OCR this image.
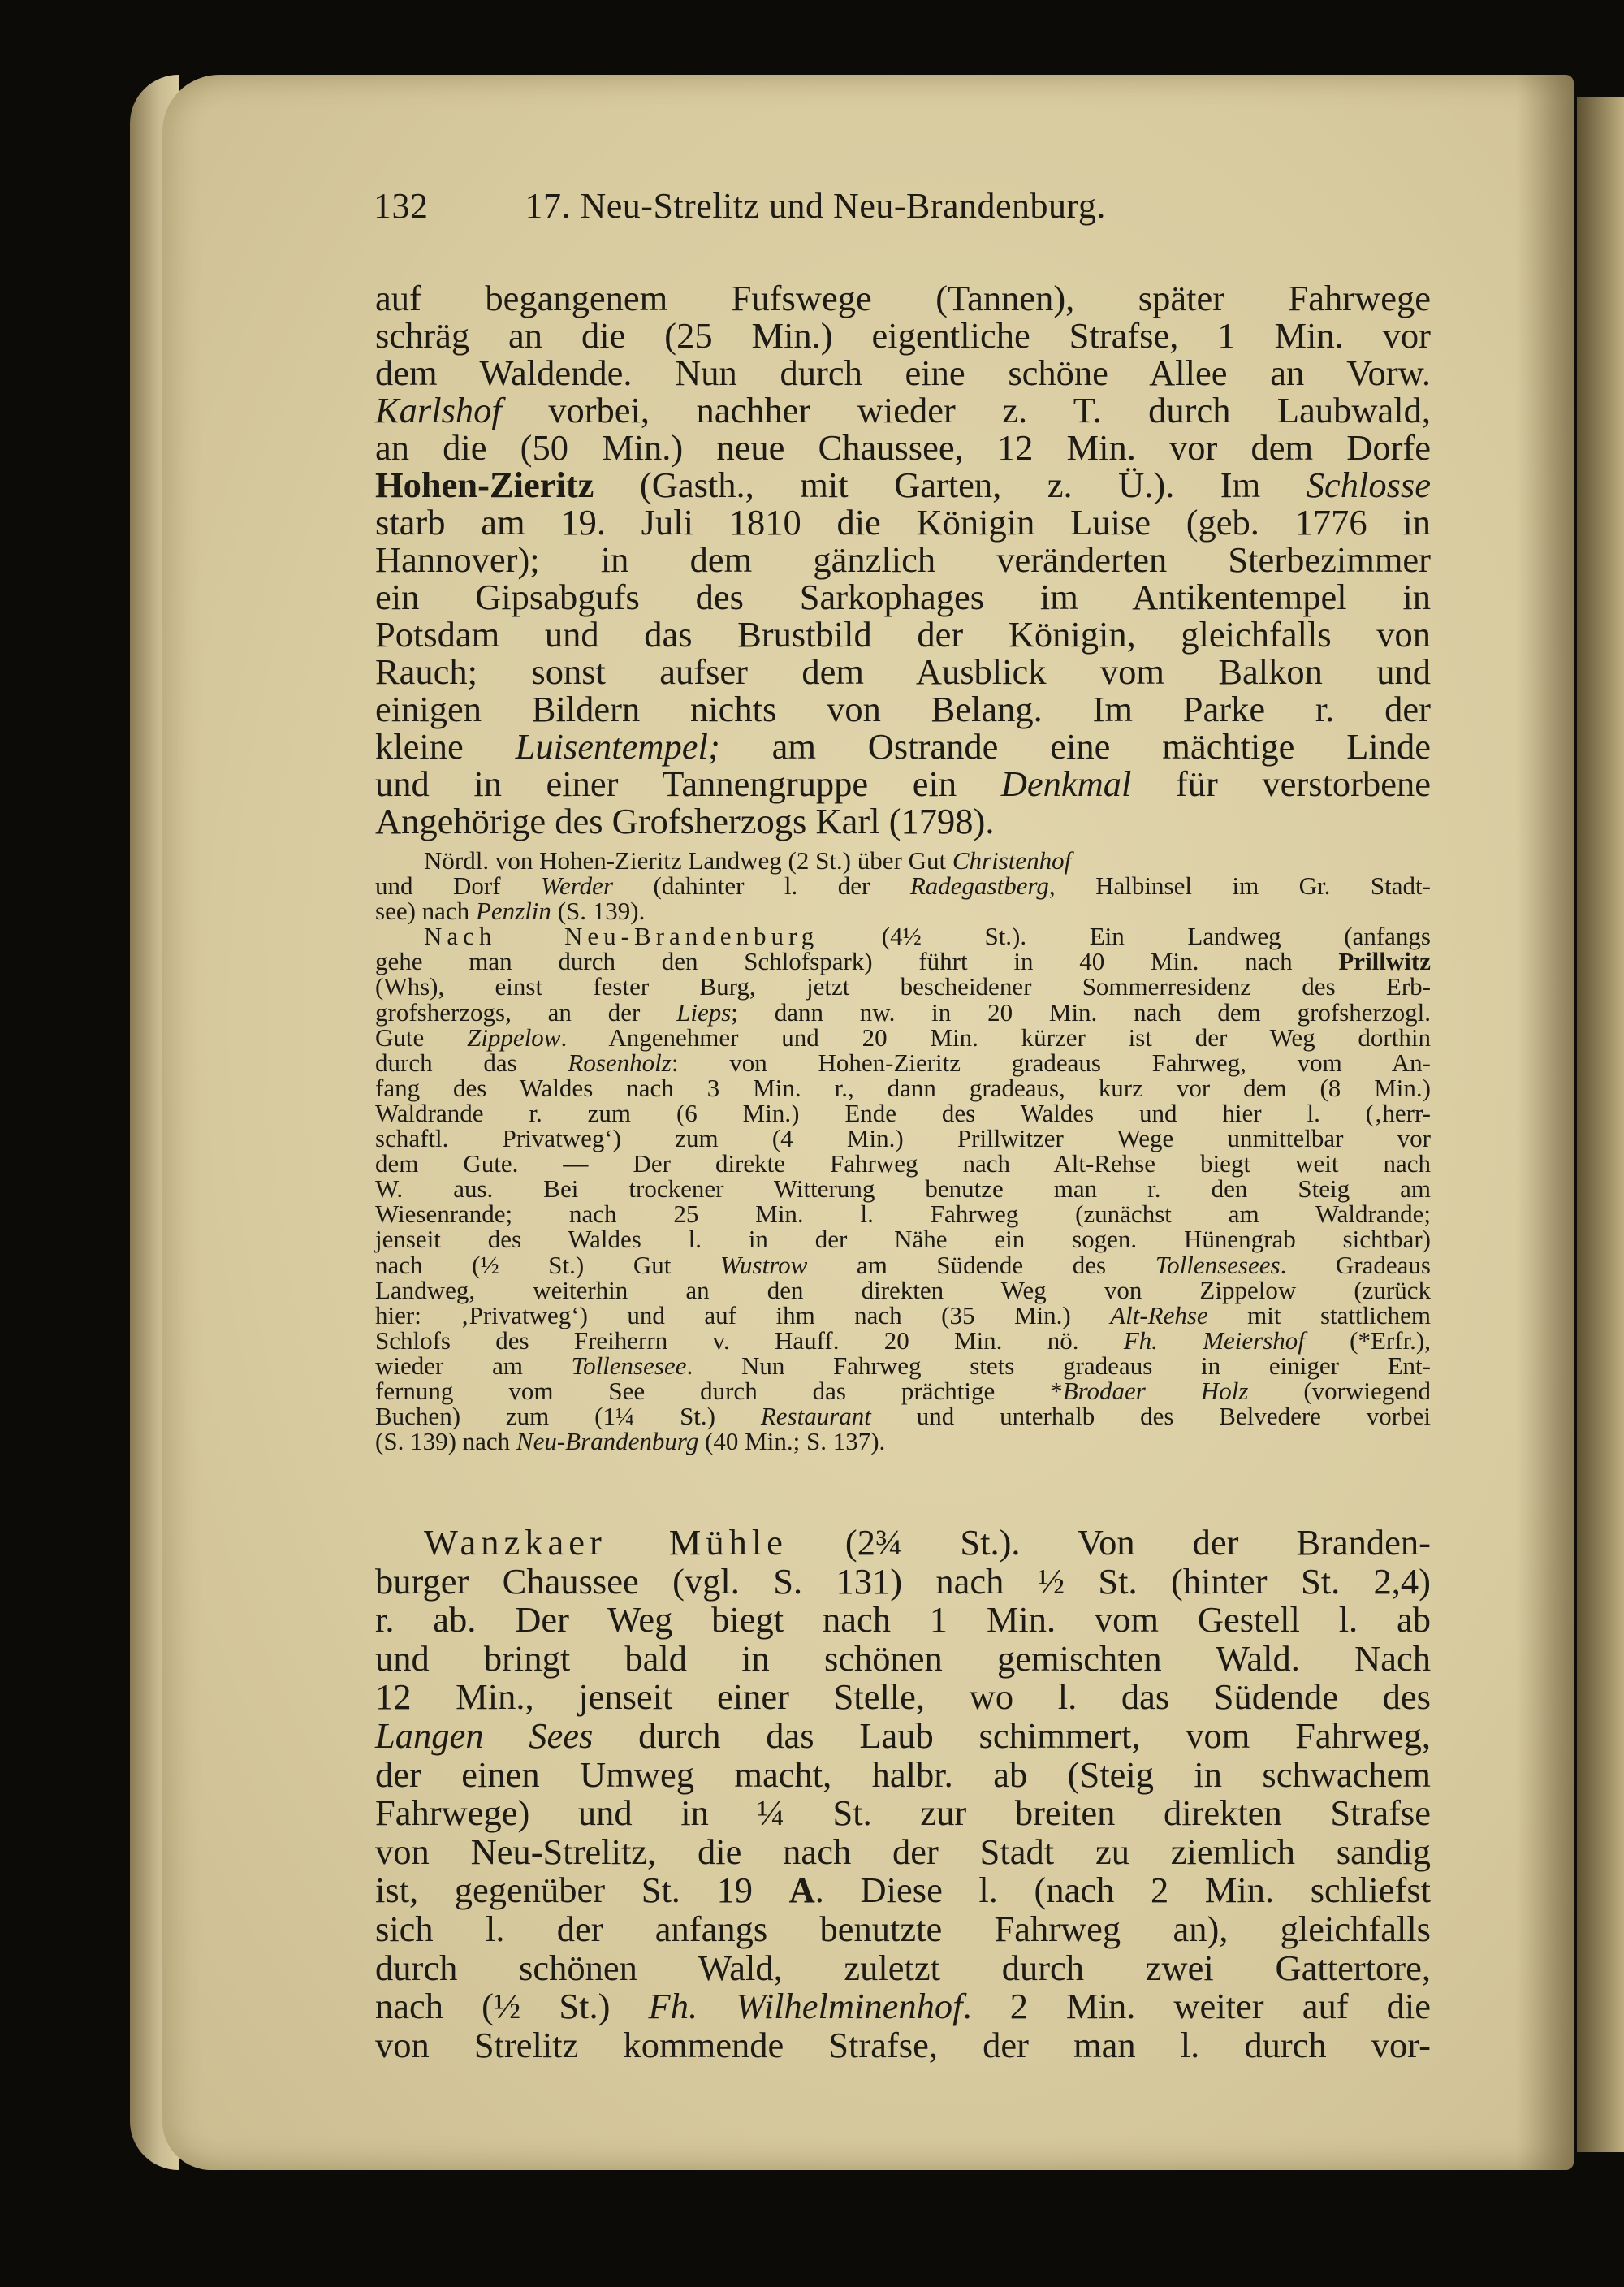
132	17. Neu-Strelitz und Neu-Brandenburg.
auf begangenem Fufswege (Tannen), später Fahrwege
schräg an die (25 Min.) eigentliche Strafse, 1 Min. vor
dem Waldende. Nun durch eine schöne Allee an Vorw.
Karlshof vorbei, nachher wieder z. T. durch Laubwald,
an die (50 Min.) neue Chaussee, 12 Min. vor dem Dorfe
Hohen-Zieritz (Gasth., mit Garten, z. Ü.). Im Schlosse
starb am 19. Juli 1810 die Königin Luise (geb. 1776 in
Hannover); in dem gänzlich veränderten Sterbezimmer
ein Gipsabgufs des Sarkophages im Antikentempel in
Potsdam und das Brustbild der Königin, gleichfalls von
Rauch; sonst aufser dem Ausblick vom Balkon und
einigen Bildern nichts von Belang. Im Parke r. der
kleine Luisentempel; am Ostrande eine mächtige Linde
und in einer Tannengruppe ein Denkmal für verstorbene
Angehörige des Grofsherzogs Karl (1798).
Nördl. von Hohen-Zieritz Landweg (2 St.) über Gut Christenhof
und Dorf Werder (dahinter l. der Radegastberg, Halbinsel im Gr. Stadt-
see) nach Penzlin (S. 139).
Nach Neu-Brandenburg (4½ St.). Ein Landweg (anfangs
gehe man durch den Schlofspark) führt in 40 Min. nach Prillwitz
(Whs), einst fester Burg, jetzt bescheidener Sommerresidenz des Erb-
grofsherzogs, an der Lieps; dann nw. in 20 Min. nach dem grofsherzogl.
Gute Zippelow. Angenehmer und 20 Min. kürzer ist der Weg dorthin
durch das Rosenholz: von Hohen-Zieritz gradeaus Fahrweg, vom An-
fang des Waldes nach 3 Min. r., dann gradeaus, kurz vor dem (8 Min.)
Waldrande r. zum (6 Min.) Ende des Waldes und hier l. (‚herr-
schaftl. Privatweg‘) zum (4 Min.) Prillwitzer Wege unmittelbar vor
dem Gute. — Der direkte Fahrweg nach Alt-Rehse biegt weit nach
W. aus. Bei trockener Witterung benutze man r. den Steig am
Wiesenrande; nach 25 Min. l. Fahrweg (zunächst am Waldrande;
jenseit des Waldes l. in der Nähe ein sogen. Hünengrab sichtbar)
nach (½ St.) Gut Wustrow am Südende des Tollensesees. Gradeaus
Landweg, weiterhin an den direkten Weg von Zippelow (zurück
hier: ‚Privatweg‘) und auf ihm nach (35 Min.) Alt-Rehse mit stattlichem
Schlofs des Freiherrn v. Hauff. 20 Min. nö. Fh. Meiershof (*Erfr.),
wieder am Tollensesee. Nun Fahrweg stets gradeaus in einiger Ent-
fernung vom See durch das prächtige *Brodaer Holz (vorwiegend
Buchen) zum (1¼ St.) Restaurant und unterhalb des Belvedere vorbei
(S. 139) nach Neu-Brandenburg (40 Min.; S. 137).
Wanzkaer Mühle (2¾ St.). Von der Branden-
burger Chaussee (vgl. S. 131) nach ½ St. (hinter St. 2,4)
r. ab. Der Weg biegt nach 1 Min. vom Gestell l. ab
und bringt bald in schönen gemischten Wald. Nach
12 Min., jenseit einer Stelle, wo l. das Südende des
Langen Sees durch das Laub schimmert, vom Fahrweg,
der einen Umweg macht, halbr. ab (Steig in schwachem
Fahrwege) und in ¼ St. zur breiten direkten Strafse
von Neu-Strelitz, die nach der Stadt zu ziemlich sandig
ist, gegenüber St. 19 A. Diese l. (nach 2 Min. schliefst
sich l. der anfangs benutzte Fahrweg an), gleichfalls
durch schönen Wald, zuletzt durch zwei Gattertore,
nach (½ St.) Fh. Wilhelminenhof. 2 Min. weiter auf die
von Strelitz kommende Strafse, der man l. durch vor-
